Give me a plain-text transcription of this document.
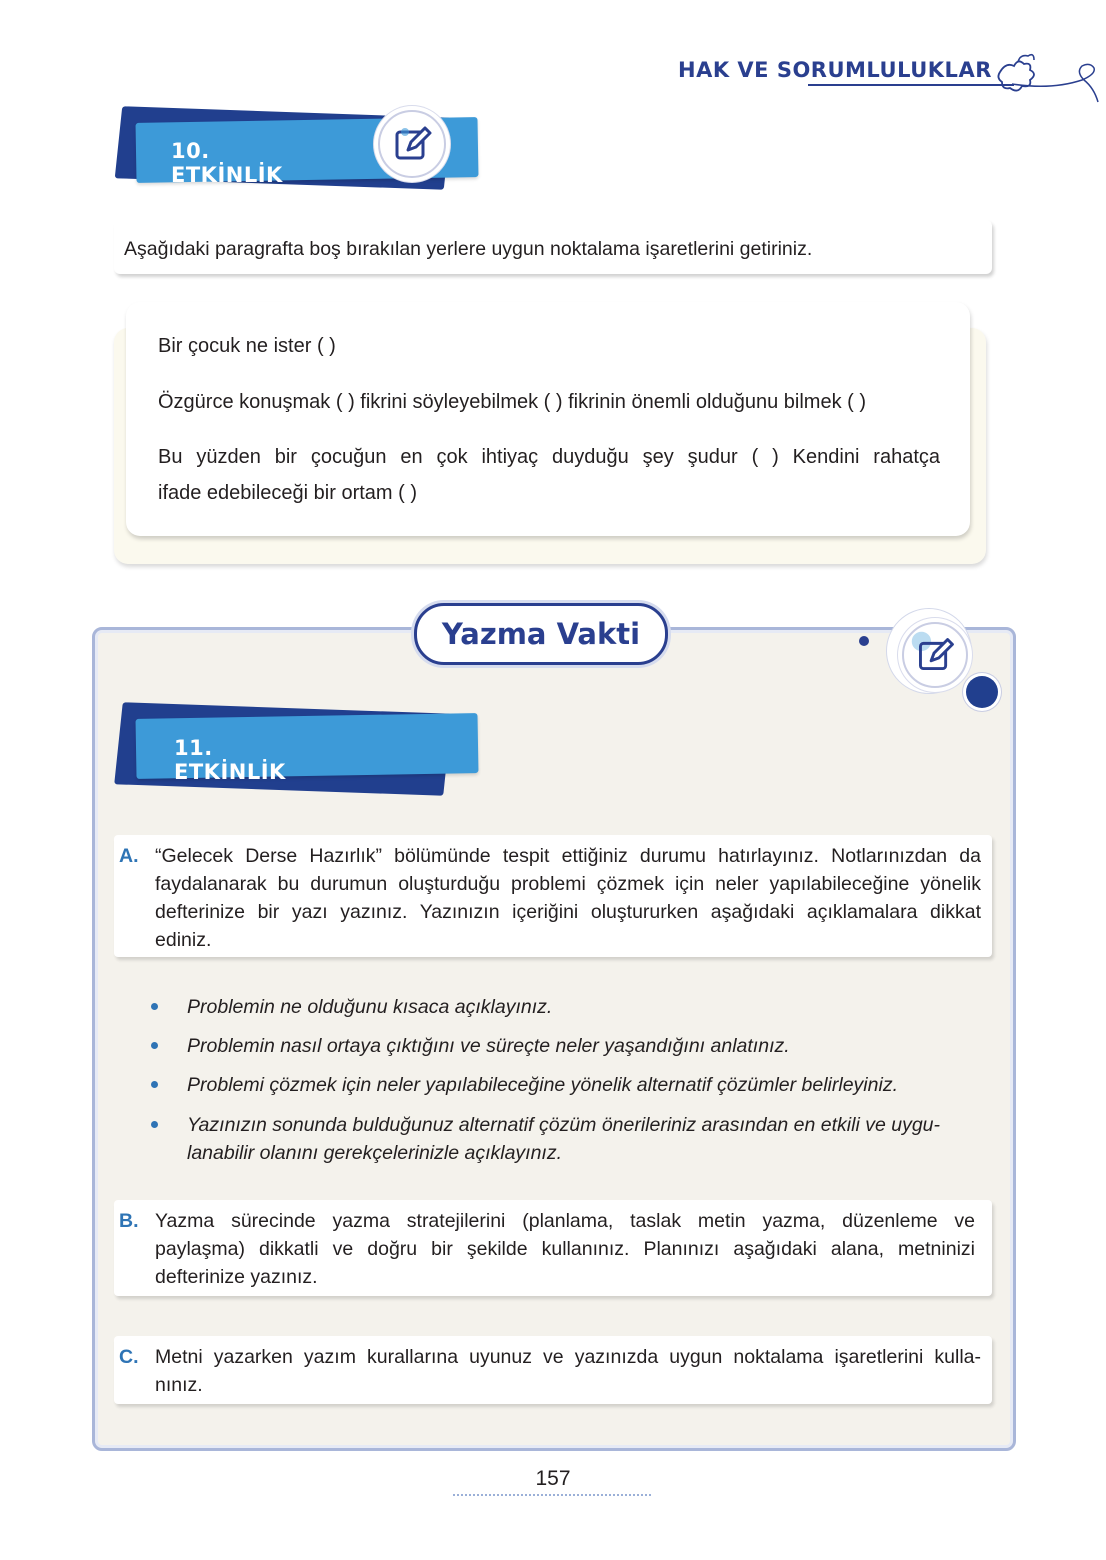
HAK VE SORUMLULUKLAR
10. ETKİNLİK
Aşağıdaki paragrafta boş bırakılan yerlere uygun noktalama işaretlerini getiriniz.
Bir çocuk ne ister ( )
Özgürce konuşmak ( ) fikrini söyleyebilmek ( ) fikrinin önemli olduğunu bilmek ( )
Bu yüzden bir çocuğun en çok ihtiyaç duyduğu şey şudur ( ) Kendini rahatça
ifade edebileceği bir ortam ( )
Yazma Vakti
11. ETKİNLİK
A. “Gelecek Derse Hazırlık” bölümünde tespit ettiğiniz durumu hatırlayınız. Notlarınızdan da
faydalanarak bu durumun oluşturduğu problemi çözmek için neler yapılabileceğine yönelik
defterinize bir yazı yazınız. Yazınızın içeriğini oluştururken aşağıdaki açıklamalara dikkat
ediniz.
Problemin ne olduğunu kısaca açıklayınız.
Problemin nasıl ortaya çıktığını ve süreçte neler yaşandığını anlatınız.
Problemi çözmek için neler yapılabileceğine yönelik alternatif çözümler belirleyiniz.
Yazınızın sonunda bulduğunuz alternatif çözüm önerileriniz arasından en etkili ve uygu-
lanabilir olanını gerekçelerinizle açıklayınız.
B. Yazma sürecinde yazma stratejilerini (planlama, taslak metin yazma, düzenleme ve
paylaşma) dikkatli ve doğru bir şekilde kullanınız. Planınızı aşağıdaki alana, metninizi
defterinize yazınız.
C. Metni yazarken yazım kurallarına uyunuz ve yazınızda uygun noktalama işaretlerini kulla-
nınız.
157
